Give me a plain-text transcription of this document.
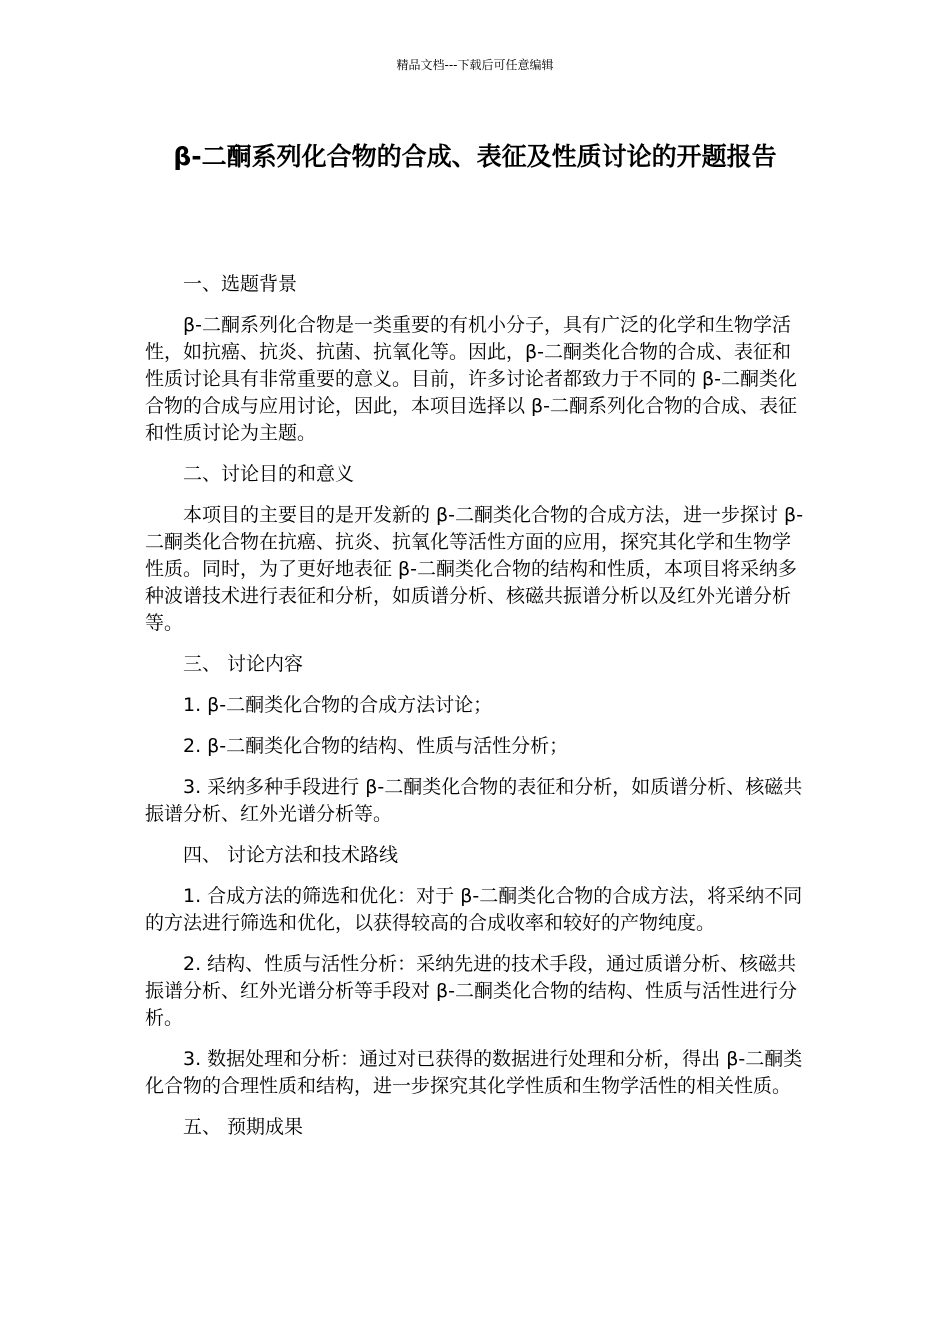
精品文档---下载后可任意编辑
β-二酮系列化合物的合成、表征及性质讨论的开题报告

一、选题背景

β-二酮系列化合物是一类重要的有机小分子，具有广泛的化学和生物学活性，如抗癌、抗炎、抗菌、抗氧化等。因此，β-二酮类化合物的合成、表征和性质讨论具有非常重要的意义。目前，许多讨论者都致力于不同的 β-二酮类化合物的合成与应用讨论，因此，本项目选择以 β-二酮系列化合物的合成、表征和性质讨论为主题。

二、讨论目的和意义

本项目的主要目的是开发新的 β-二酮类化合物的合成方法，进一步探讨 β-二酮类化合物在抗癌、抗炎、抗氧化等活性方面的应用，探究其化学和生物学性质。同时，为了更好地表征 β-二酮类化合物的结构和性质，本项目将采纳多种波谱技术进行表征和分析，如质谱分析、核磁共振谱分析以及红外光谱分析等。

三、 讨论内容

1. β-二酮类化合物的合成方法讨论；

2. β-二酮类化合物的结构、性质与活性分析；

3. 采纳多种手段进行 β-二酮类化合物的表征和分析，如质谱分析、核磁共振谱分析、红外光谱分析等。

四、 讨论方法和技术路线

1. 合成方法的筛选和优化：对于 β-二酮类化合物的合成方法，将采纳不同的方法进行筛选和优化，以获得较高的合成收率和较好的产物纯度。

2. 结构、性质与活性分析：采纳先进的技术手段，通过质谱分析、核磁共振谱分析、红外光谱分析等手段对 β-二酮类化合物的结构、性质与活性进行分析。

3. 数据处理和分析：通过对已获得的数据进行处理和分析，得出 β-二酮类化合物的合理性质和结构，进一步探究其化学性质和生物学活性的相关性质。

五、 预期成果
